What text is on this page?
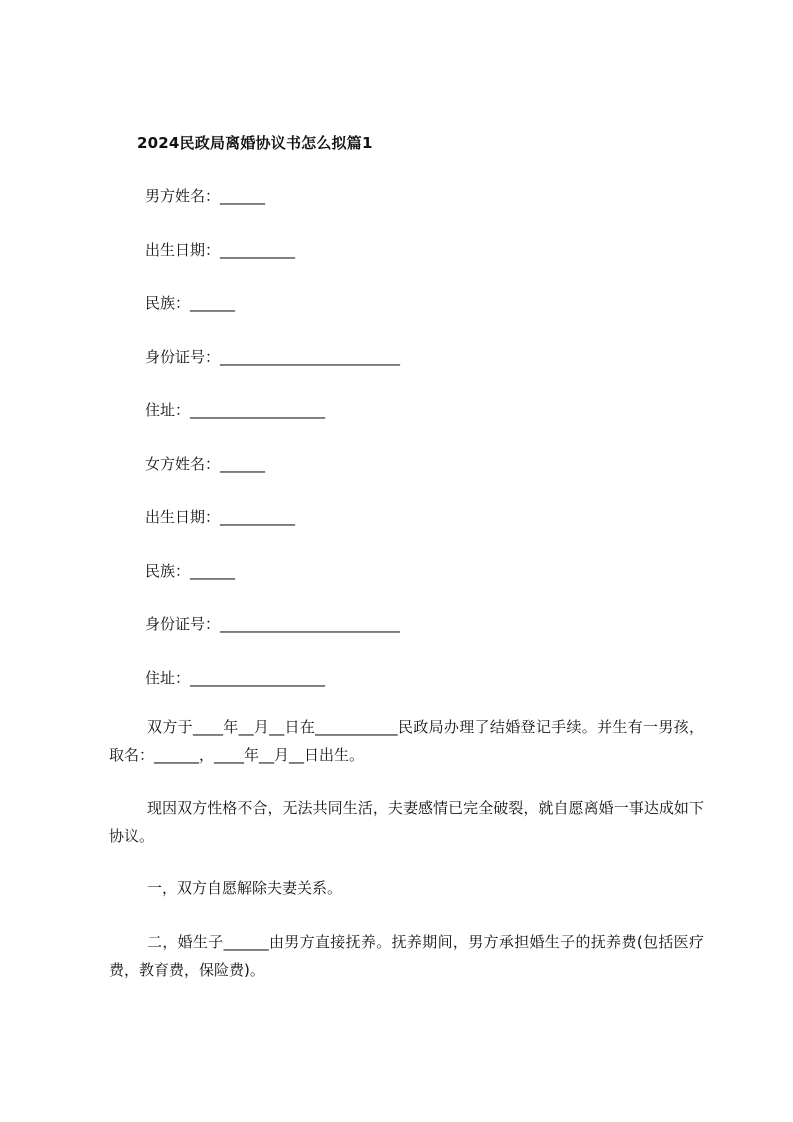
2024民政局离婚协议书怎么拟篇1
男方姓名：______
出生日期：__________
民族：______
身份证号：________________________
住址：__________________
女方姓名：______
出生日期：__________
民族：______
身份证号：________________________
住址：__________________
双方于____年__月__日在___________民政局办理了结婚登记手续。并生有一男孩，取名：______，____年__月__日出生。
现因双方性格不合，无法共同生活，夫妻感情已完全破裂，就自愿离婚一事达成如下协议。
一，双方自愿解除夫妻关系。
二，婚生子______由男方直接抚养。抚养期间，男方承担婚生子的抚养费(包括医疗费，教育费，保险费)。
